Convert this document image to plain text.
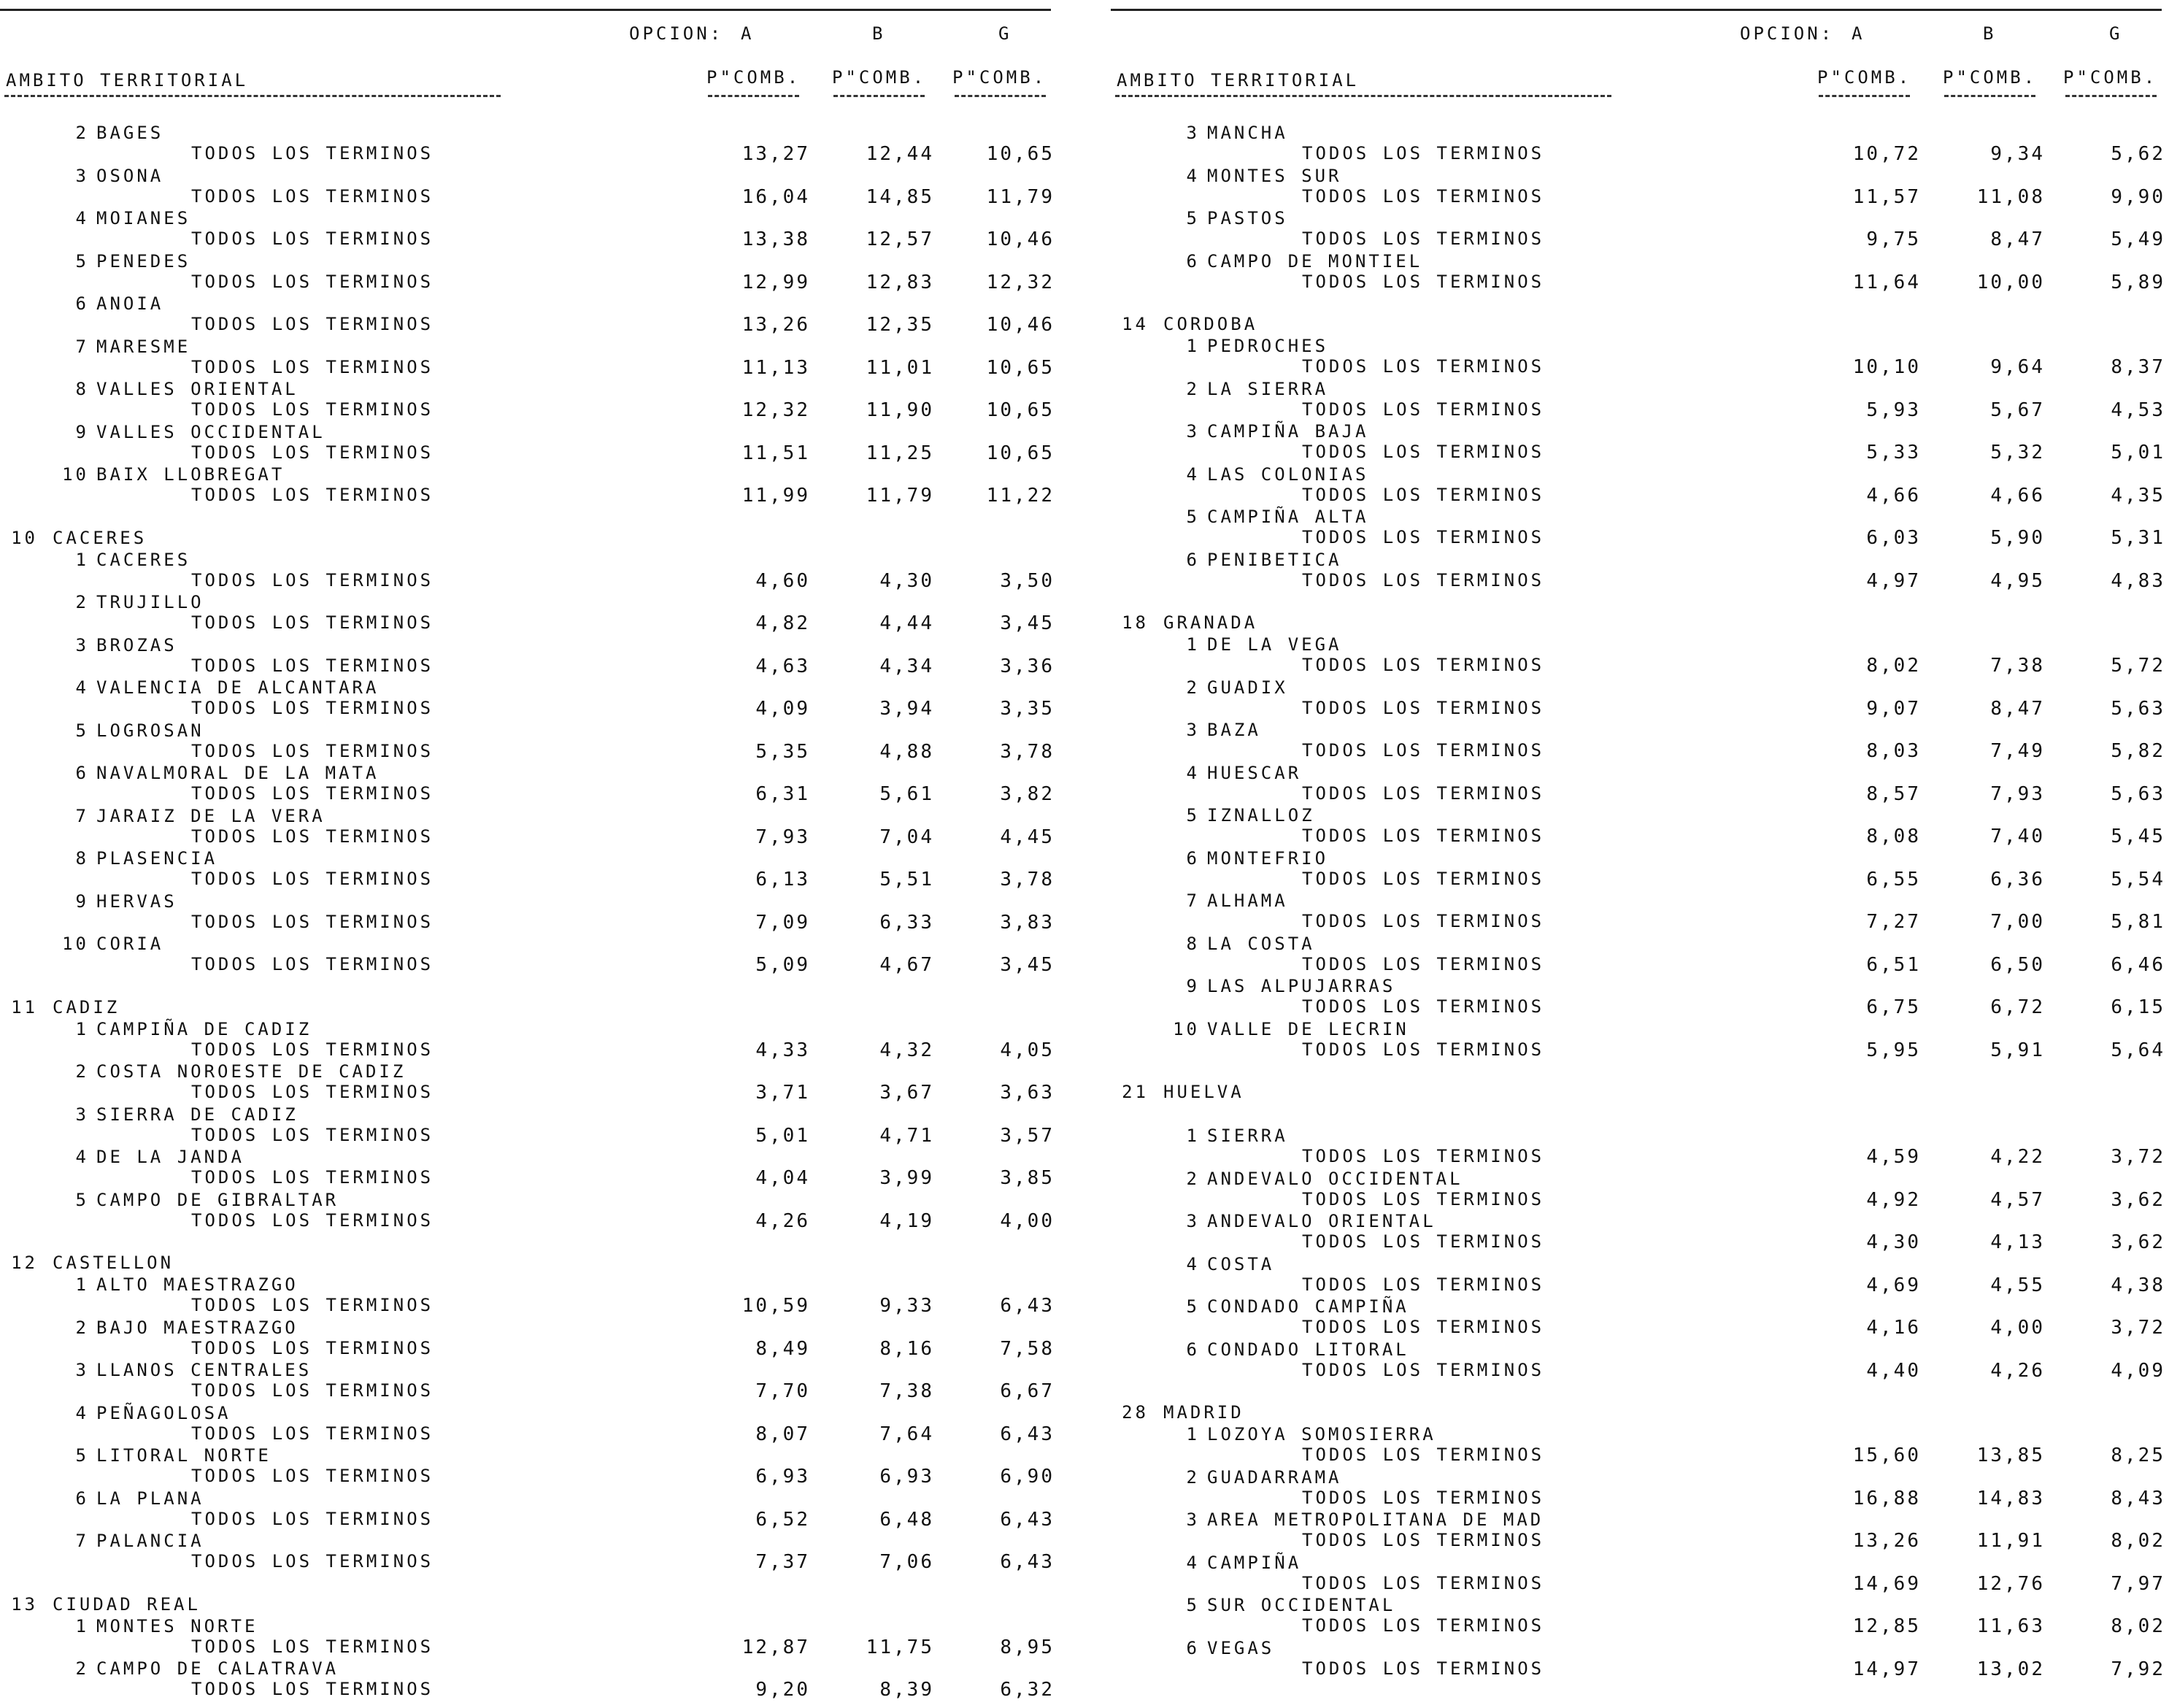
OPCION: A	B	G
AMBITO TERRITORIAL	P"COMB. P"COMB. P"COMB.
2 BAGES
TODOS LOS TERMINOS	13,27	12,44	10,65
3 OSONA
TODOS LOS TERMINOS	16,04	14,85	11,79
4 MOIANES
TODOS LOS TERMINOS	13,38	12,57	10,46
5 PENEDES
TODOS LOS TERMINOS	12,99	12,83	12,32
6 ANOIA
TODOS LOS TERMINOS	13,26	12,35	10,46
7 MARESME
TODOS LOS TERMINOS	11,13	11,01	10,65
8 VALLES ORIENTAL
TODOS LOS TERMINOS	12,32	11,90	10,65
9 VALLES OCCIDENTAL
TODOS LOS TERMINOS	11,51	11,25	10,65
10 BAIX LLOBREGAT
TODOS LOS TERMINOS	11,99	11,79	11,22
10 CACERES
1 CACERES
TODOS LOS TERMINOS	4,60	4,30	3,50
2 TRUJILLO
TODOS LOS TERMINOS	4,82	4,44	3,45
3 BROZAS
TODOS LOS TERMINOS	4,63	4,34	3,36
4 VALENCIA DE ALCANTARA
TODOS LOS TERMINOS	4,09	3,94	3,35
5 LOGROSAN
TODOS LOS TERMINOS	5,35	4,88	3,78
6 NAVALMORAL DE LA MATA
TODOS LOS TERMINOS	6,31	5,61	3,82
7 JARAIZ DE LA VERA
TODOS LOS TERMINOS	7,93	7,04	4,45
8 PLASENCIA
TODOS LOS TERMINOS	6,13	5,51	3,78
9 HERVAS
TODOS LOS TERMINOS	7,09	6,33	3,83
10 CORIA
TODOS LOS TERMINOS	5,09	4,67	3,45
11 CADIZ
1 CAMPIÑA DE CADIZ
TODOS LOS TERMINOS	4,33	4,32	4,05
2 COSTA NOROESTE DE CADIZ
TODOS LOS TERMINOS	3,71	3,67	3,63
3 SIERRA DE CADIZ
TODOS LOS TERMINOS	5,01	4,71	3,57
4 DE LA JANDA
TODOS LOS TERMINOS	4,04	3,99	3,85
5 CAMPO DE GIBRALTAR
TODOS LOS TERMINOS	4,26	4,19	4,00
12 CASTELLON
1 ALTO MAESTRAZGO
TODOS LOS TERMINOS	10,59	9,33	6,43
2 BAJO MAESTRAZGO
TODOS LOS TERMINOS	8,49	8,16	7,58
3 LLANOS CENTRALES
TODOS LOS TERMINOS	7,70	7,38	6,67
4 PEÑAGOLOSA
TODOS LOS TERMINOS	8,07	7,64	6,43
5 LITORAL NORTE
TODOS LOS TERMINOS	6,93	6,93	6,90
6 LA PLANA
TODOS LOS TERMINOS	6,52	6,48	6,43
7 PALANCIA
TODOS LOS TERMINOS	7,37	7,06	6,43
13 CIUDAD REAL
1 MONTES NORTE
TODOS LOS TERMINOS	12,87	11,75	8,95
2 CAMPO DE CALATRAVA
TODOS LOS TERMINOS	9,20	8,39	6,32
OPCION: A	B	G
AMBITO TERRITORIAL	P"COMB. P"COMB. P"COMB.
3 MANCHA
TODOS LOS TERMINOS	10,72	9,34	5,62
4 MONTES SUR
TODOS LOS TERMINOS	11,57	11,08	9,90
5 PASTOS
TODOS LOS TERMINOS	9,75	8,47	5,49
6 CAMPO DE MONTIEL
TODOS LOS TERMINOS	11,64	10,00	5,89
14 CORDOBA
1 PEDROCHES
TODOS LOS TERMINOS	10,10	9,64	8,37
2 LA SIERRA
TODOS LOS TERMINOS	5,93	5,67	4,53
3 CAMPIÑA BAJA
TODOS LOS TERMINOS	5,33	5,32	5,01
4 LAS COLONIAS
TODOS LOS TERMINOS	4,66	4,66	4,35
5 CAMPIÑA ALTA
TODOS LOS TERMINOS	6,03	5,90	5,31
6 PENIBETICA
TODOS LOS TERMINOS	4,97	4,95	4,83
18 GRANADA
1 DE LA VEGA
TODOS LOS TERMINOS	8,02	7,38	5,72
2 GUADIX
TODOS LOS TERMINOS	9,07	8,47	5,63
3 BAZA
TODOS LOS TERMINOS	8,03	7,49	5,82
4 HUESCAR
TODOS LOS TERMINOS	8,57	7,93	5,63
5 IZNALLOZ
TODOS LOS TERMINOS	8,08	7,40	5,45
6 MONTEFRIO
TODOS LOS TERMINOS	6,55	6,36	5,54
7 ALHAMA
TODOS LOS TERMINOS	7,27	7,00	5,81
8 LA COSTA
TODOS LOS TERMINOS	6,51	6,50	6,46
9 LAS ALPUJARRAS
TODOS LOS TERMINOS	6,75	6,72	6,15
10 VALLE DE LECRIN
TODOS LOS TERMINOS	5,95	5,91	5,64
21 HUELVA
1 SIERRA
TODOS LOS TERMINOS	4,59	4,22	3,72
2 ANDEVALO OCCIDENTAL
TODOS LOS TERMINOS	4,92	4,57	3,62
3 ANDEVALO ORIENTAL
TODOS LOS TERMINOS	4,30	4,13	3,62
4 COSTA
TODOS LOS TERMINOS	4,69	4,55	4,38
5 CONDADO CAMPIÑA
TODOS LOS TERMINOS	4,16	4,00	3,72
6 CONDADO LITORAL
TODOS LOS TERMINOS	4,40	4,26	4,09
28 MADRID
1 LOZOYA SOMOSIERRA
TODOS LOS TERMINOS	15,60	13,85	8,25
2 GUADARRAMA
TODOS LOS TERMINOS	16,88	14,83	8,43
3 AREA METROPOLITANA DE MAD
TODOS LOS TERMINOS	13,26	11,91	8,02
4 CAMPIÑA
TODOS LOS TERMINOS	14,69	12,76	7,97
5 SUR OCCIDENTAL
TODOS LOS TERMINOS	12,85	11,63	8,02
6 VEGAS
TODOS LOS TERMINOS	14,97	13,02	7,92
